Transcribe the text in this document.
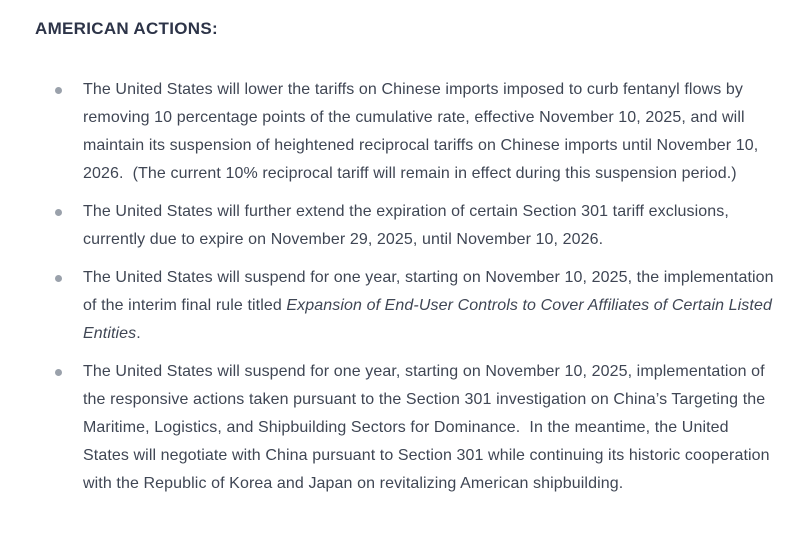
AMERICAN ACTIONS:

The United States will lower the tariffs on Chinese imports imposed to curb fentanyl flows by removing 10 percentage points of the cumulative rate, effective November 10, 2025, and will maintain its suspension of heightened reciprocal tariffs on Chinese imports until November 10, 2026.  (The current 10% reciprocal tariff will remain in effect during this suspension period.)

The United States will further extend the expiration of certain Section 301 tariff exclusions, currently due to expire on November 29, 2025, until November 10, 2026.

The United States will suspend for one year, starting on November 10, 2025, the implementation of the interim final rule titled Expansion of End-User Controls to Cover Affiliates of Certain Listed Entities.

The United States will suspend for one year, starting on November 10, 2025, implementation of the responsive actions taken pursuant to the Section 301 investigation on China’s Targeting the Maritime, Logistics, and Shipbuilding Sectors for Dominance.  In the meantime, the United States will negotiate with China pursuant to Section 301 while continuing its historic cooperation with the Republic of Korea and Japan on revitalizing American shipbuilding.
